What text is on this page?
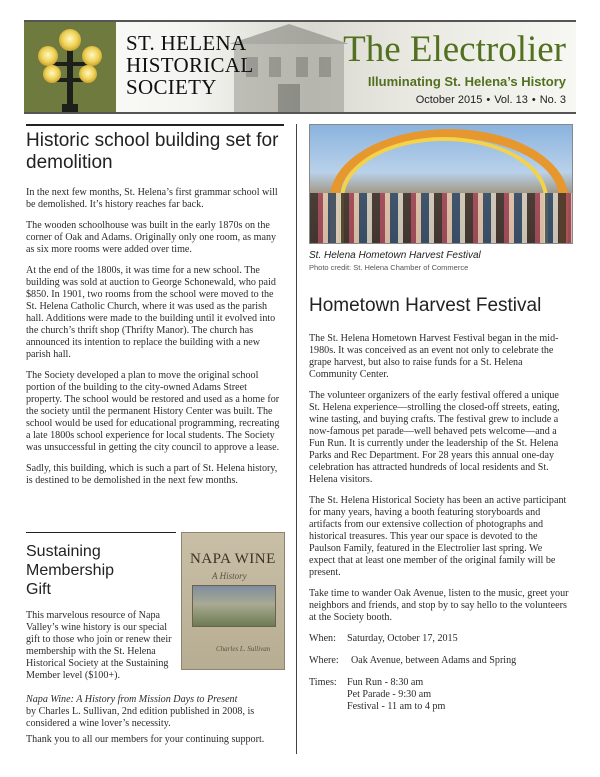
ST. HELENA
HISTORICAL
SOCIETY
The Electrolier
Illuminating St. Helena’s History
October 2015 • Vol. 13 • No. 3
Historic school building set for demolition

In the next few months, St. Helena’s first grammar school will be demolished. It’s history reaches far back.

The wooden schoolhouse was built in the early 1870s on the corner of Oak and Adams. Originally only one room, as many as six more rooms were added over time.

At the end of the 1800s, it was time for a new school. The building was sold at auction to George Schonewald, who paid $850. In 1901, two rooms from the school were moved to the St. Helena Catholic Church, where it was used as the parish hall. Additions were made to the building until it evolved into the church’s thrift shop (Thrifty Manor). The church has announced its intention to replace the building with a new parish hall.

The Society developed a plan to move the original school portion of the building to the city-owned Adams Street property. The school would be restored and used as a home for the society until the permanent History Center was built. The school would be used for educational programming, recreating a late 1800s school experience for local students. The Society was unsuccessful in getting the city council to approve a lease.

Sadly, this building, which is such a part of St. Helena history, is destined to be demolished in the next few months.

Sustaining
Membership
Gift
NAPA WINE
A History
Charles L. Sullivan

This marvelous resource of Napa Valley’s wine history is our special gift to those who join or renew their membership with the St. Helena Historical Society at the Sustaining Member level ($100+).

Napa Wine: A History from Mission Days to Present

by Charles L. Sullivan, 2nd edition published in 2008, is considered a wine lover’s necessity.

Thank you to all our members for your continuing support.

St. Helena Hometown Harvest Festival

Photo credit: St. Helena Chamber of Commerce

Hometown Harvest Festival

The St. Helena Hometown Harvest Festival began in the mid-1980s. It was conceived as an event not only to celebrate the grape harvest, but also to raise funds for a St. Helena Community Center.

The volunteer organizers of the early festival offered a unique St. Helena experience—strolling the closed-off streets, eating, wine tasting, and buying crafts. The festival grew to include a now-famous pet parade—well behaved pets welcome—and a Fun Run. It is currently under the leadership of the St. Helena Parks and Rec Department. For 28 years this annual one-day celebration has attracted hundreds of local residents and St. Helena visitors.

The St. Helena Historical Society has been an active participant for many years, having a booth featuring storyboards and artifacts from our extensive collection of photographs and historical treasures. This year our space is devoted to the Paulson Family, featured in the Electrolier last spring. We expect that at least one member of the original family will be present.

Take time to wander Oak Avenue, listen to the music, greet your neighbors and friends, and stop by to say hello to the volunteers at the Society booth.

When:	Saturday, October 17, 2015
Where:	Oak Avenue, between Adams and Spring
Times:	Fun Run - 8:30 am
Pet Parade - 9:30 am
Festival - 11 am to 4 pm
